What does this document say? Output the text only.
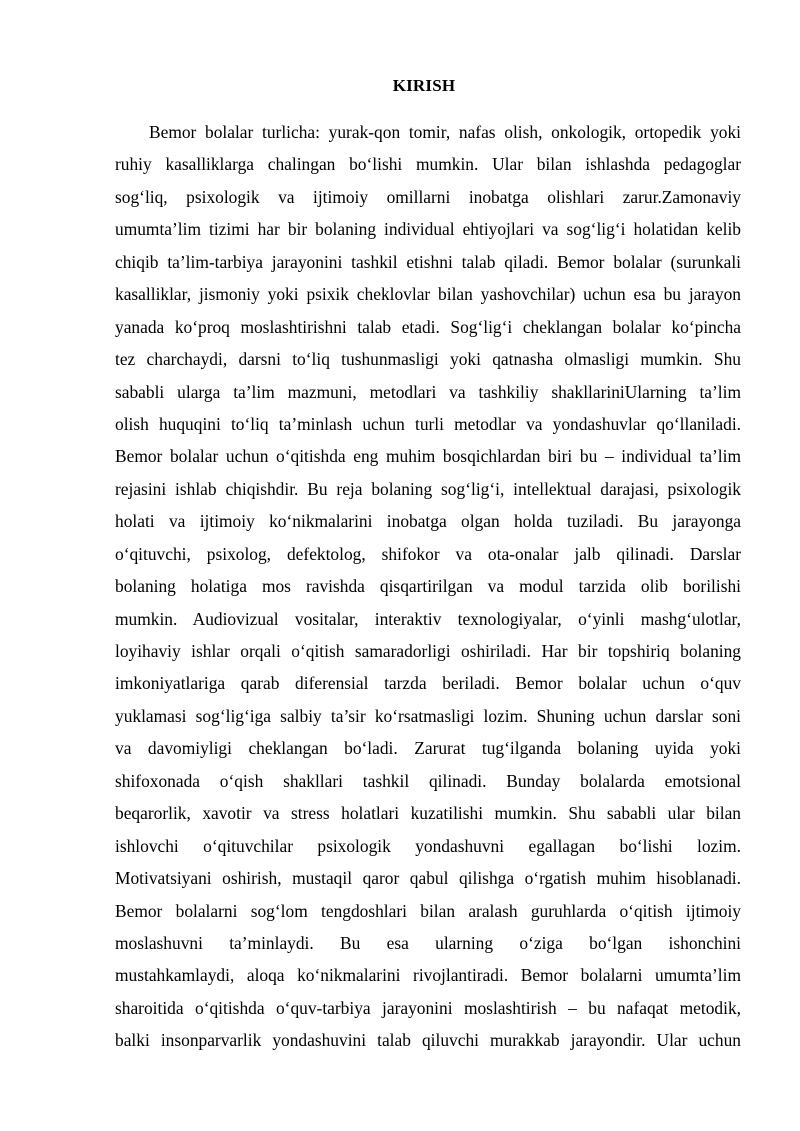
KIRISH
Bemor bolalar turlicha: yurak-qon tomir, nafas olish, onkologik, ortopedik yoki
ruhiy kasalliklarga chalingan bo‘lishi mumkin. Ular bilan ishlashda pedagoglar
sog‘liq, psixologik va ijtimoiy omillarni inobatga olishlari zarur.Zamonaviy
umumta’lim tizimi har bir bolaning individual ehtiyojlari va sog‘lig‘i holatidan kelib
chiqib ta’lim-tarbiya jarayonini tashkil etishni talab qiladi. Bemor bolalar (surunkali
kasalliklar, jismoniy yoki psixik cheklovlar bilan yashovchilar) uchun esa bu jarayon
yanada ko‘proq moslashtirishni talab etadi. Sog‘lig‘i cheklangan bolalar ko‘pincha
tez charchaydi, darsni to‘liq tushunmasligi yoki qatnasha olmasligi mumkin. Shu
sababli ularga ta’lim mazmuni, metodlari va tashkiliy shakllariniUlarning ta’lim
olish huquqini to‘liq ta’minlash uchun turli metodlar va yondashuvlar qo‘llaniladi.
Bemor bolalar uchun o‘qitishda eng muhim bosqichlardan biri bu – individual ta’lim
rejasini ishlab chiqishdir. Bu reja bolaning sog‘lig‘i, intellektual darajasi, psixologik
holati va ijtimoiy ko‘nikmalarini inobatga olgan holda tuziladi. Bu jarayonga
o‘qituvchi, psixolog, defektolog, shifokor va ota-onalar jalb qilinadi. Darslar
bolaning holatiga mos ravishda qisqartirilgan va modul tarzida olib borilishi
mumkin. Audiovizual vositalar, interaktiv texnologiyalar, o‘yinli mashg‘ulotlar,
loyihaviy ishlar orqali o‘qitish samaradorligi oshiriladi. Har bir topshiriq bolaning
imkoniyatlariga qarab diferensial tarzda beriladi. Bemor bolalar uchun o‘quv
yuklamasi sog‘lig‘iga salbiy ta’sir ko‘rsatmasligi lozim. Shuning uchun darslar soni
va davomiyligi cheklangan bo‘ladi. Zarurat tug‘ilganda bolaning uyida yoki
shifoxonada o‘qish shakllari tashkil qilinadi. Bunday bolalarda emotsional
beqarorlik, xavotir va stress holatlari kuzatilishi mumkin. Shu sababli ular bilan
ishlovchi o‘qituvchilar psixologik yondashuvni egallagan bo‘lishi lozim.
Motivatsiyani oshirish, mustaqil qaror qabul qilishga o‘rgatish muhim hisoblanadi.
Bemor bolalarni sog‘lom tengdoshlari bilan aralash guruhlarda o‘qitish ijtimoiy
moslashuvni ta’minlaydi. Bu esa ularning o‘ziga bo‘lgan ishonchini
mustahkamlaydi, aloqa ko‘nikmalarini rivojlantiradi. Bemor bolalarni umumta’lim
sharoitida o‘qitishda o‘quv-tarbiya jarayonini moslashtirish – bu nafaqat metodik,
balki insonparvarlik yondashuvini talab qiluvchi murakkab jarayondir. Ular uchun
